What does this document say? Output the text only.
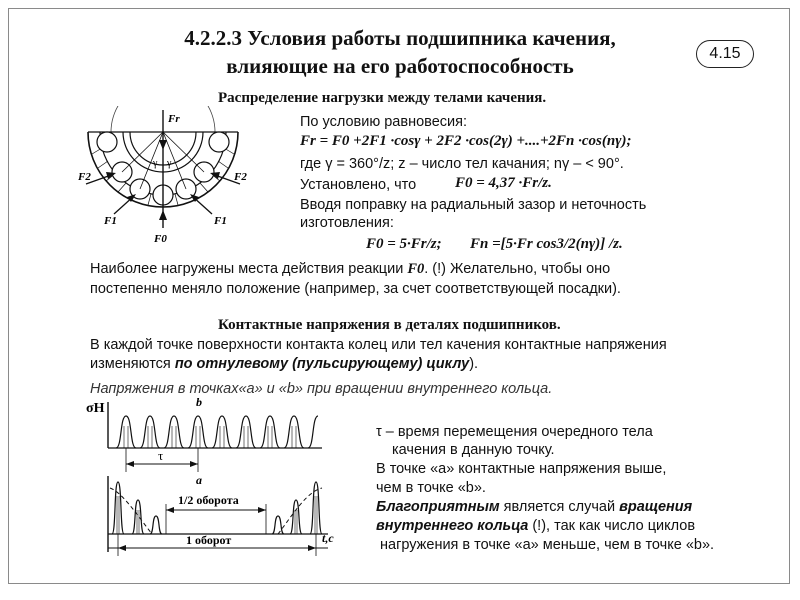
4.2.2.3 Условия работы подшипника качения,
влияющие на его работоспособность
4.15
Распределение нагрузки между телами качения.
Fr
F0
F1	F1
F2	F2
γ γ
По условию равновесия:
Fr = F0 +2F1 ·cosγ + 2F2 ·cos(2γ) +....+2Fn ·cos(nγ);
где γ = 360°/z; z – число тел качания; nγ – < 90°.
Установлено, что	F0 = 4,37 ·Fr/z.
Вводя поправку на радиальный зазор и неточность
изготовления:
F0 = 5·Fr/z; Fn =[5·Fr cos3/2(nγ)] /z.
Наиболее нагружены места действия реакции F0. (!) Желательно, чтобы оно
постепенно меняло положение (например, за счет соответствующей посадки).
Контактные напряжения в деталях подшипников.
В каждой точке поверхности контакта колец или тел качения контактные напряжения
изменяются по отнулевому (пульсирующему) циклу).
Напряжения в точках«a» и «b» при вращении внутреннего кольца.
σH	b
τ
a
1/2 оборота
1 оборот	t,c
τ – время перемещения очередного тела
качения в данную точку.
В точке «a» контактные напряжения выше,
чем в точке «b».
Благоприятным является случай вращения
внутреннего кольца (!), так как число циклов
нагружения в точке «a» меньше, чем в точке «b».
